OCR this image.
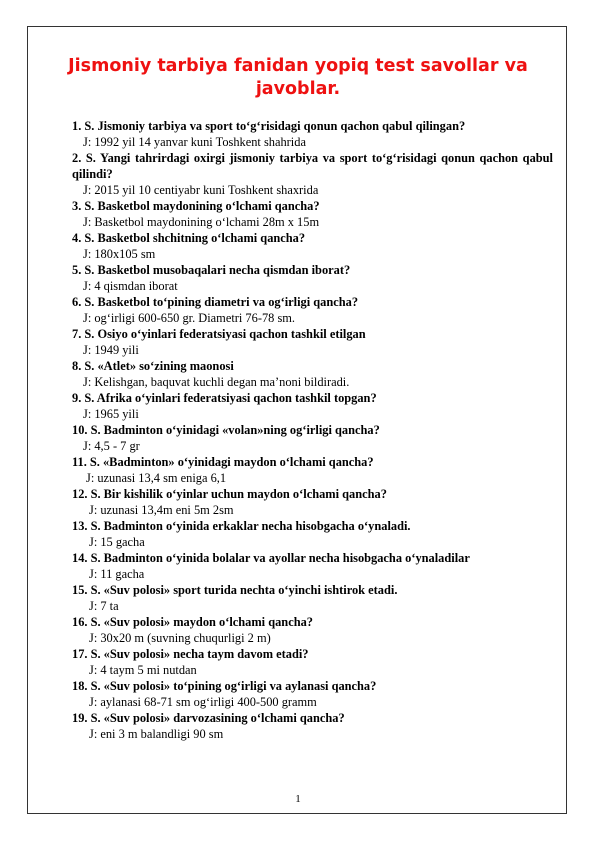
Jismoniy tarbiya fanidan yopiq test savollar va javoblar.
1. S. Jismoniy tarbiya va sport to‘g‘risidagi qonun qachon qabul qilingan?
J: 1992 yil 14 yanvar kuni Toshkent shahrida
2. S. Yangi tahrirdagi oxirgi jismoniy tarbiya va sport to‘g‘risidagi qonun qachon qabul qilindi?
J: 2015 yil 10 centiyabr kuni Toshkent shaxrida
3. S. Basketbol maydonining o‘lchami qancha?
J: Basketbol maydonining o‘lchami 28m x 15m
4. S. Basketbol shchitning o‘lchami qancha?
J: 180x105 sm
5. S. Basketbol musobaqalari necha qismdan iborat?
J: 4 qismdan iborat
6. S. Basketbol to‘pining diametri va og‘irligi qancha?
J: og‘irligi 600-650 gr. Diametri 76-78 sm.
7. S. Osiyo o‘yinlari federatsiyasi qachon tashkil etilgan
J: 1949 yili
8. S. «Atlet» so‘zining maonosi
J: Kelishgan, baquvat kuchli degan ma’noni bildiradi.
9. S. Afrika o‘yinlari federatsiyasi qachon tashkil topgan?
J: 1965 yili
10. S. Badminton o‘yinidagi «volan»ning og‘irligi qancha?
J: 4,5 - 7 gr
11. S. «Badminton» o‘yinidagi maydon o‘lchami qancha?
J: uzunasi 13,4 sm eniga 6,1
12. S. Bir kishilik o‘yinlar uchun maydon o‘lchami qancha?
J: uzunasi 13,4m eni 5m 2sm
13. S. Badminton o‘yinida erkaklar necha hisobgacha o‘ynaladi.
J: 15 gacha
14. S. Badminton o‘yinida bolalar va ayollar necha hisobgacha o‘ynaladilar
J: 11 gacha
15. S. «Suv polosi» sport turida nechta o‘yinchi ishtirok etadi.
J: 7 ta
16. S. «Suv polosi» maydon o‘lchami qancha?
J: 30x20 m (suvning chuqurligi 2 m)
17. S. «Suv polosi» necha taym davom etadi?
J: 4 taym 5 mi nutdan
18. S. «Suv polosi» to‘pining og‘irligi va aylanasi qancha?
J: aylanasi 68-71 sm og‘irligi 400-500 gramm
19. S. «Suv polosi» darvozasining o‘lchami qancha?
J: eni 3 m balandligi 90 sm
1
